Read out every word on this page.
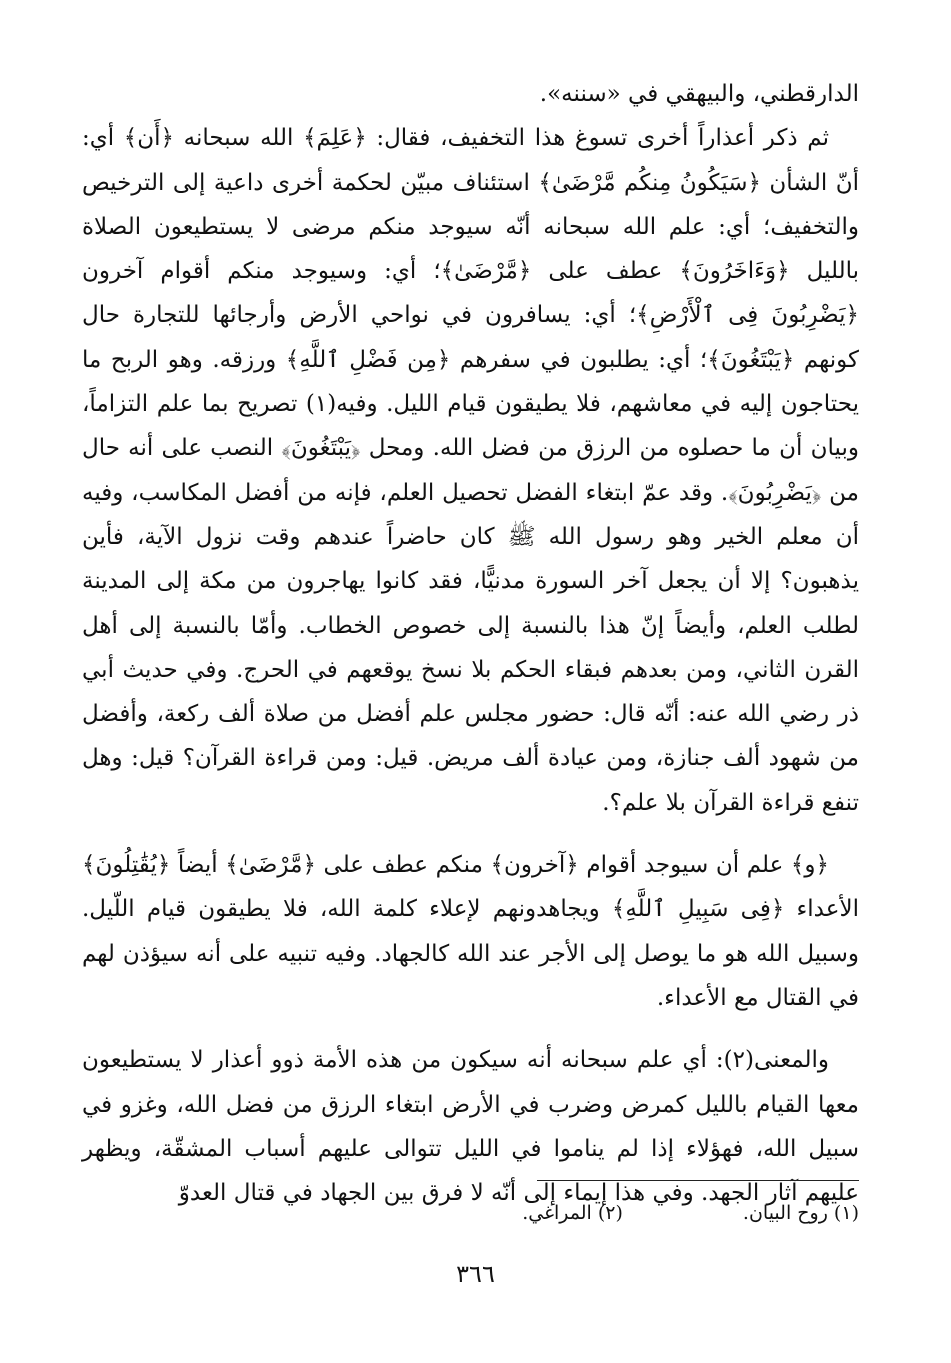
الدارقطني، والبيهقي في «سننه».

ثم ذكر أعذاراً أخرى تسوغ هذا التخفيف، فقال: ﴿عَلِمَ﴾ الله سبحانه ﴿أَن﴾ أي: أنّ الشأن ﴿سَيَكُونُ مِنكُم مَّرْضَىٰ﴾ استئناف مبيّن لحكمة أخرى داعية إلى الترخيص والتخفيف؛ أي: علم الله سبحانه أنّه سيوجد منكم مرضى لا يستطيعون الصلاة بالليل ﴿وَءَاخَرُونَ﴾ عطف على ﴿مَّرْضَىٰ﴾؛ أي: وسيوجد منكم أقوام آخرون ﴿يَضْرِبُونَ فِى ٱلْأَرْضِ﴾؛ أي: يسافرون في نواحي الأرض وأرجائها للتجارة حال كونهم ﴿يَبْتَغُونَ﴾؛ أي: يطلبون في سفرهم ﴿مِن فَضْلِ ٱللَّهِ﴾ ورزقه. وهو الربح ما يحتاجون إليه في معاشهم، فلا يطيقون قيام الليل. وفيه(١) تصريح بما علم التزاماً، وبيان أن ما حصلوه من الرزق من فضل الله. ومحل ﴿يَبْتَغُونَ﴾ النصب على أنه حال من ﴿يَضْرِبُونَ﴾. وقد عمّ ابتغاء الفضل تحصيل العلم، فإنه من أفضل المكاسب، وفيه أن معلم الخير وهو رسول الله ﷺ كان حاضراً عندهم وقت نزول الآية، فأين يذهبون؟ إلا أن يجعل آخر السورة مدنيًّا، فقد كانوا يهاجرون من مكة إلى المدينة لطلب العلم، وأيضاً إنّ هذا بالنسبة إلى خصوص الخطاب. وأمّا بالنسبة إلى أهل القرن الثاني، ومن بعدهم فبقاء الحكم بلا نسخ يوقعهم في الحرج. وفي حديث أبي ذر رضي الله عنه: أنّه قال: حضور مجلس علم أفضل من صلاة ألف ركعة، وأفضل من شهود ألف جنازة، ومن عيادة ألف مريض. قيل: ومن قراءة القرآن؟ قيل: وهل تنفع قراءة القرآن بلا علم؟.

﴿و﴾ علم أن سيوجد أقوام ﴿آخرون﴾ منكم عطف على ﴿مَّرْضَىٰ﴾ أيضاً ﴿يُقَٰتِلُونَ﴾ الأعداء ﴿فِى سَبِيلِ ٱللَّهِ﴾ ويجاهدونهم لإعلاء كلمة الله، فلا يطيقون قيام اللّيل. وسبيل الله هو ما يوصل إلى الأجر عند الله كالجهاد. وفيه تنبيه على أنه سيؤذن لهم في القتال مع الأعداء.

والمعنى(٢): أي علم سبحانه أنه سيكون من هذه الأمة ذوو أعذار لا يستطيعون معها القيام بالليل كمرض وضرب في الأرض ابتغاء الرزق من فضل الله، وغزو في سبيل الله، فهؤلاء إذا لم يناموا في الليل تتوالى عليهم أسباب المشقّة، ويظهر عليهم آثار الجهد. وفي هذا إيماء إلى أنّه لا فرق بين الجهاد في قتال العدوّ

(١) روح البيان.
(٢) المراغي.
٣٦٦
